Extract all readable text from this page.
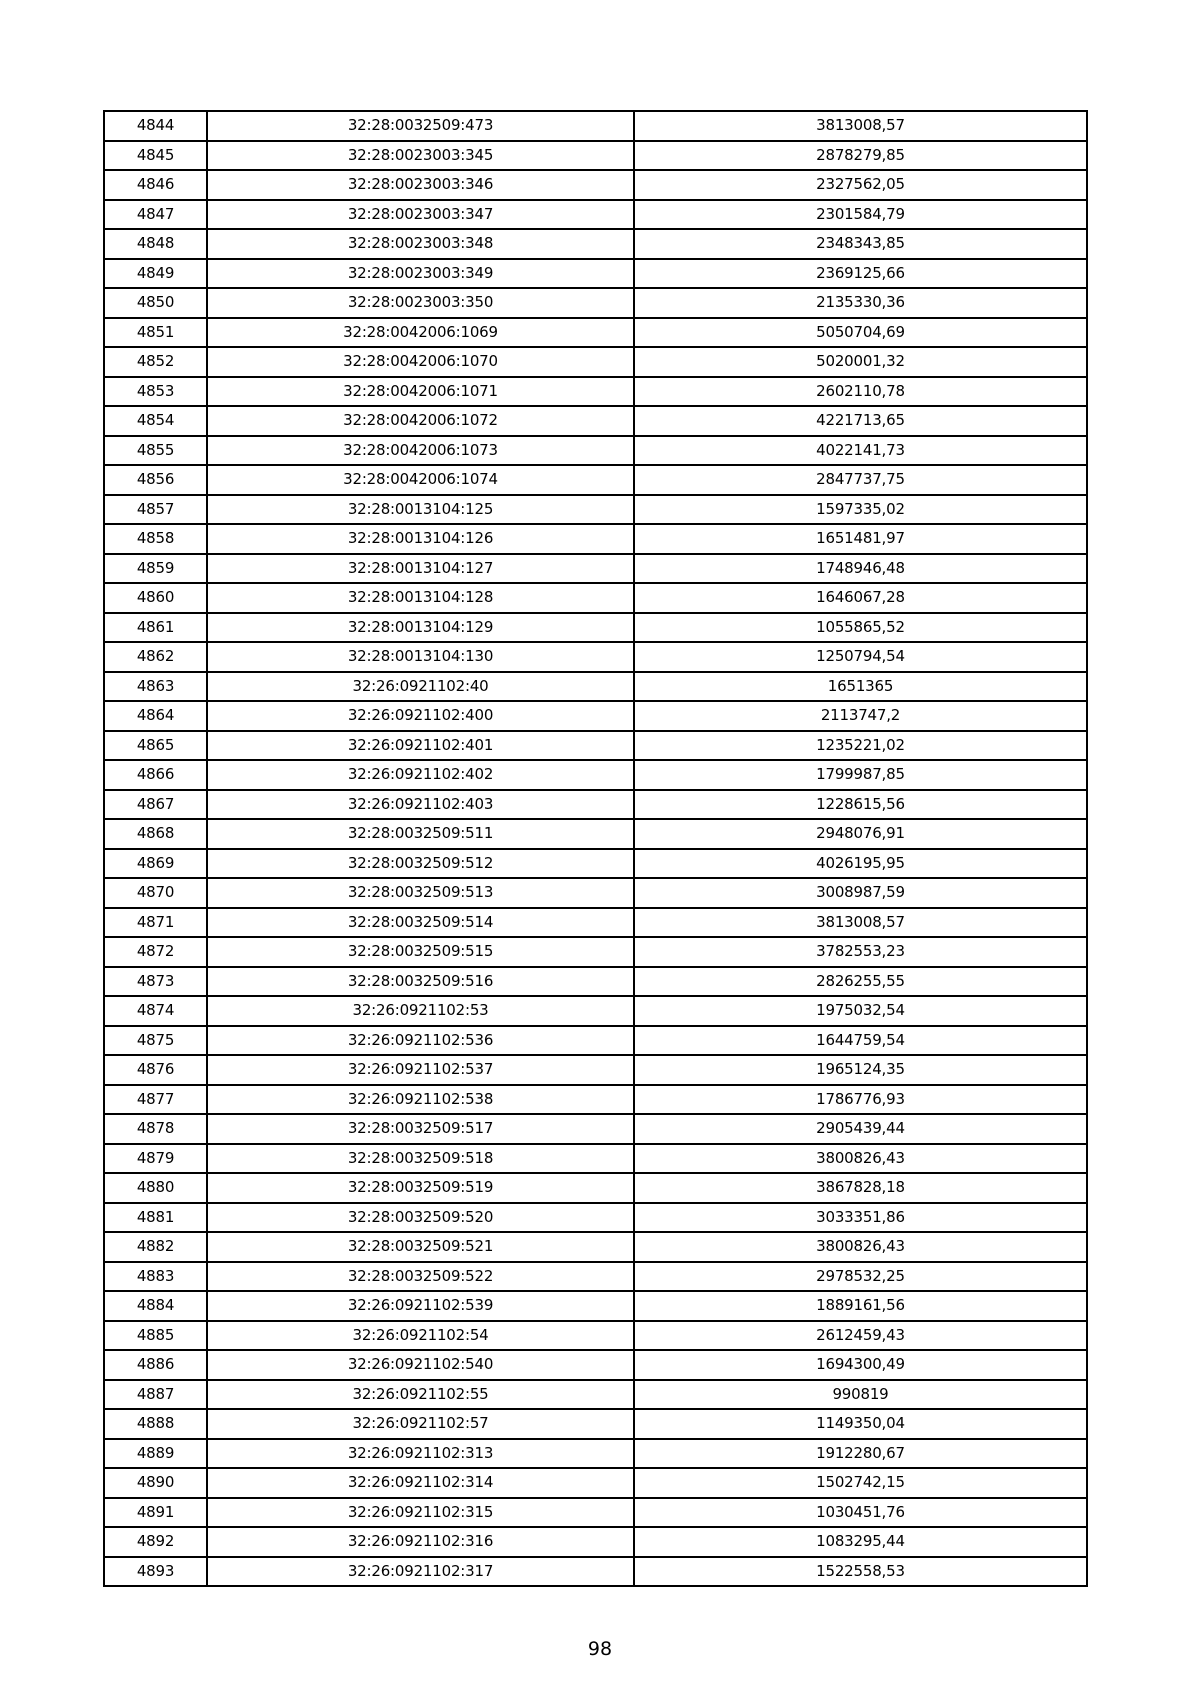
4844	32:28:0032509:473	3813008,57
4845	32:28:0023003:345	2878279,85
4846	32:28:0023003:346	2327562,05
4847	32:28:0023003:347	2301584,79
4848	32:28:0023003:348	2348343,85
4849	32:28:0023003:349	2369125,66
4850	32:28:0023003:350	2135330,36
4851	32:28:0042006:1069	5050704,69
4852	32:28:0042006:1070	5020001,32
4853	32:28:0042006:1071	2602110,78
4854	32:28:0042006:1072	4221713,65
4855	32:28:0042006:1073	4022141,73
4856	32:28:0042006:1074	2847737,75
4857	32:28:0013104:125	1597335,02
4858	32:28:0013104:126	1651481,97
4859	32:28:0013104:127	1748946,48
4860	32:28:0013104:128	1646067,28
4861	32:28:0013104:129	1055865,52
4862	32:28:0013104:130	1250794,54
4863	32:26:0921102:40	1651365
4864	32:26:0921102:400	2113747,2
4865	32:26:0921102:401	1235221,02
4866	32:26:0921102:402	1799987,85
4867	32:26:0921102:403	1228615,56
4868	32:28:0032509:511	2948076,91
4869	32:28:0032509:512	4026195,95
4870	32:28:0032509:513	3008987,59
4871	32:28:0032509:514	3813008,57
4872	32:28:0032509:515	3782553,23
4873	32:28:0032509:516	2826255,55
4874	32:26:0921102:53	1975032,54
4875	32:26:0921102:536	1644759,54
4876	32:26:0921102:537	1965124,35
4877	32:26:0921102:538	1786776,93
4878	32:28:0032509:517	2905439,44
4879	32:28:0032509:518	3800826,43
4880	32:28:0032509:519	3867828,18
4881	32:28:0032509:520	3033351,86
4882	32:28:0032509:521	3800826,43
4883	32:28:0032509:522	2978532,25
4884	32:26:0921102:539	1889161,56
4885	32:26:0921102:54	2612459,43
4886	32:26:0921102:540	1694300,49
4887	32:26:0921102:55	990819
4888	32:26:0921102:57	1149350,04
4889	32:26:0921102:313	1912280,67
4890	32:26:0921102:314	1502742,15
4891	32:26:0921102:315	1030451,76
4892	32:26:0921102:316	1083295,44
4893	32:26:0921102:317	1522558,53
98
